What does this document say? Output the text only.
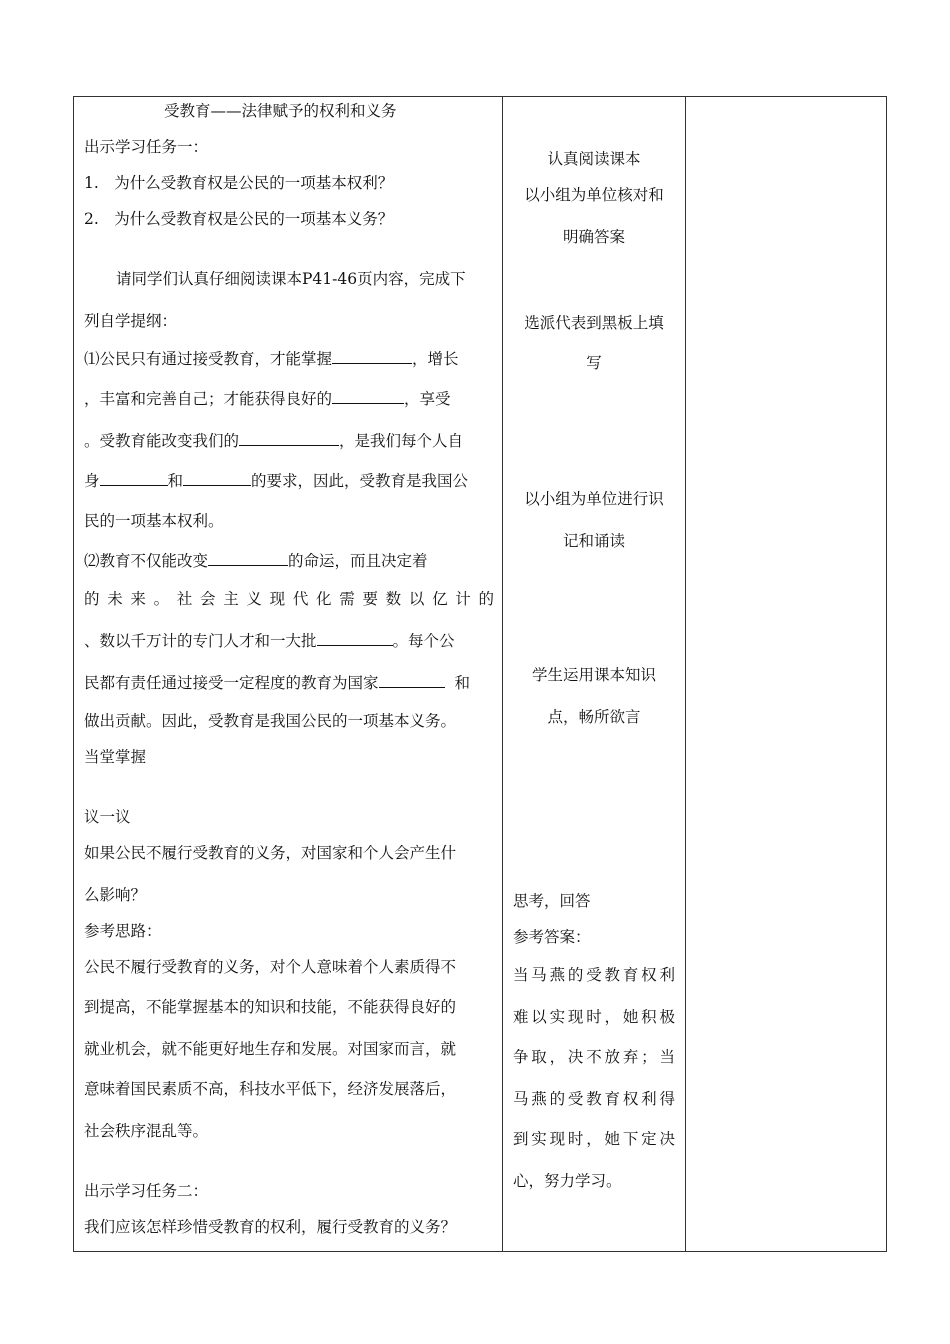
受教育——法律赋予的权利和义务
出示学习任务一：
1.　为什么受教育权是公民的一项基本权利？
2.　为什么受教育权是公民的一项基本义务？
请同学们认真仔细阅读课本P41-46页内容，完成下
列自学提纲：
⑴公民只有通过接受教育，才能掌握	，增长
，丰富和完善自己；才能获得良好的	，享受
。受教育能改变我们的	，是我们每个人自
身	和	的要求，因此，受教育是我国公
民的一项基本权利。
⑵教育不仅能改变	的命运，而且决定着
的未来。社会主义现代化需要数以亿计的
、数以千万计的专门人才和一大批	。每个公
民都有责任通过接受一定程度的教育为国家	和
做出贡献。因此，受教育是我国公民的一项基本义务。
当堂掌握
议一议
如果公民不履行受教育的义务，对国家和个人会产生什
么影响？
参考思路：
公民不履行受教育的义务，对个人意味着个人素质得不
到提高，不能掌握基本的知识和技能，不能获得良好的
就业机会，就不能更好地生存和发展。对国家而言，就
意味着国民素质不高，科技水平低下，经济发展落后，
社会秩序混乱等。
出示学习任务二：
我们应该怎样珍惜受教育的权利，履行受教育的义务？
认真阅读课本
以小组为单位核对和
明确答案
选派代表到黑板上填
写
以小组为单位进行识
记和诵读
学生运用课本知识
点，畅所欲言
思考，回答
参考答案：
当马燕的受教育权利
难以实现时，她积极
争取，决不放弃；当
马燕的受教育权利得
到实现时，她下定决
心，努力学习。
